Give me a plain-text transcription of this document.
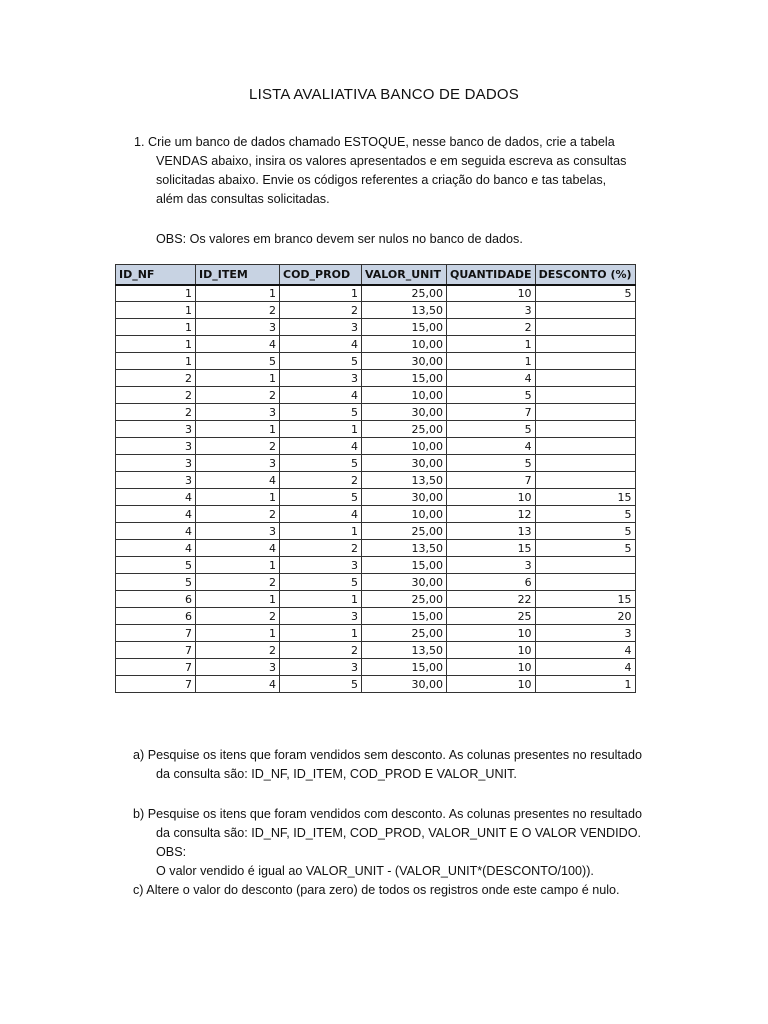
LISTA AVALIATIVA BANCO DE DADOS
1. Crie um banco de dados chamado ESTOQUE, nesse banco de dados, crie a tabela
VENDAS abaixo, insira os valores apresentados e em seguida escreva as consultas
solicitadas abaixo. Envie os códigos referentes a criação do banco e tas tabelas,
além das consultas solicitadas.
OBS: Os valores em branco devem ser nulos no banco de dados.
ID_NF	ID_ITEM	COD_PROD	VALOR_UNIT	QUANTIDADE	DESCONTO (%)
1	1	1	25,00	10	5
1	2	2	13,50	3	
1	3	3	15,00	2	
1	4	4	10,00	1	
1	5	5	30,00	1	
2	1	3	15,00	4	
2	2	4	10,00	5	
2	3	5	30,00	7	
3	1	1	25,00	5	
3	2	4	10,00	4	
3	3	5	30,00	5	
3	4	2	13,50	7	
4	1	5	30,00	10	15
4	2	4	10,00	12	5
4	3	1	25,00	13	5
4	4	2	13,50	15	5
5	1	3	15,00	3	
5	2	5	30,00	6	
6	1	1	25,00	22	15
6	2	3	15,00	25	20
7	1	1	25,00	10	3
7	2	2	13,50	10	4
7	3	3	15,00	10	4
7	4	5	30,00	10	1
a) Pesquise os itens que foram vendidos sem desconto. As colunas presentes no resultado
da consulta são: ID_NF, ID_ITEM, COD_PROD E VALOR_UNIT.
b) Pesquise os itens que foram vendidos com desconto. As colunas presentes no resultado
da consulta são: ID_NF, ID_ITEM, COD_PROD, VALOR_UNIT E O VALOR VENDIDO. OBS:
O valor vendido é igual ao VALOR_UNIT - (VALOR_UNIT*(DESCONTO/100)).
c) Altere o valor do desconto (para zero) de todos os registros onde este campo é nulo.
